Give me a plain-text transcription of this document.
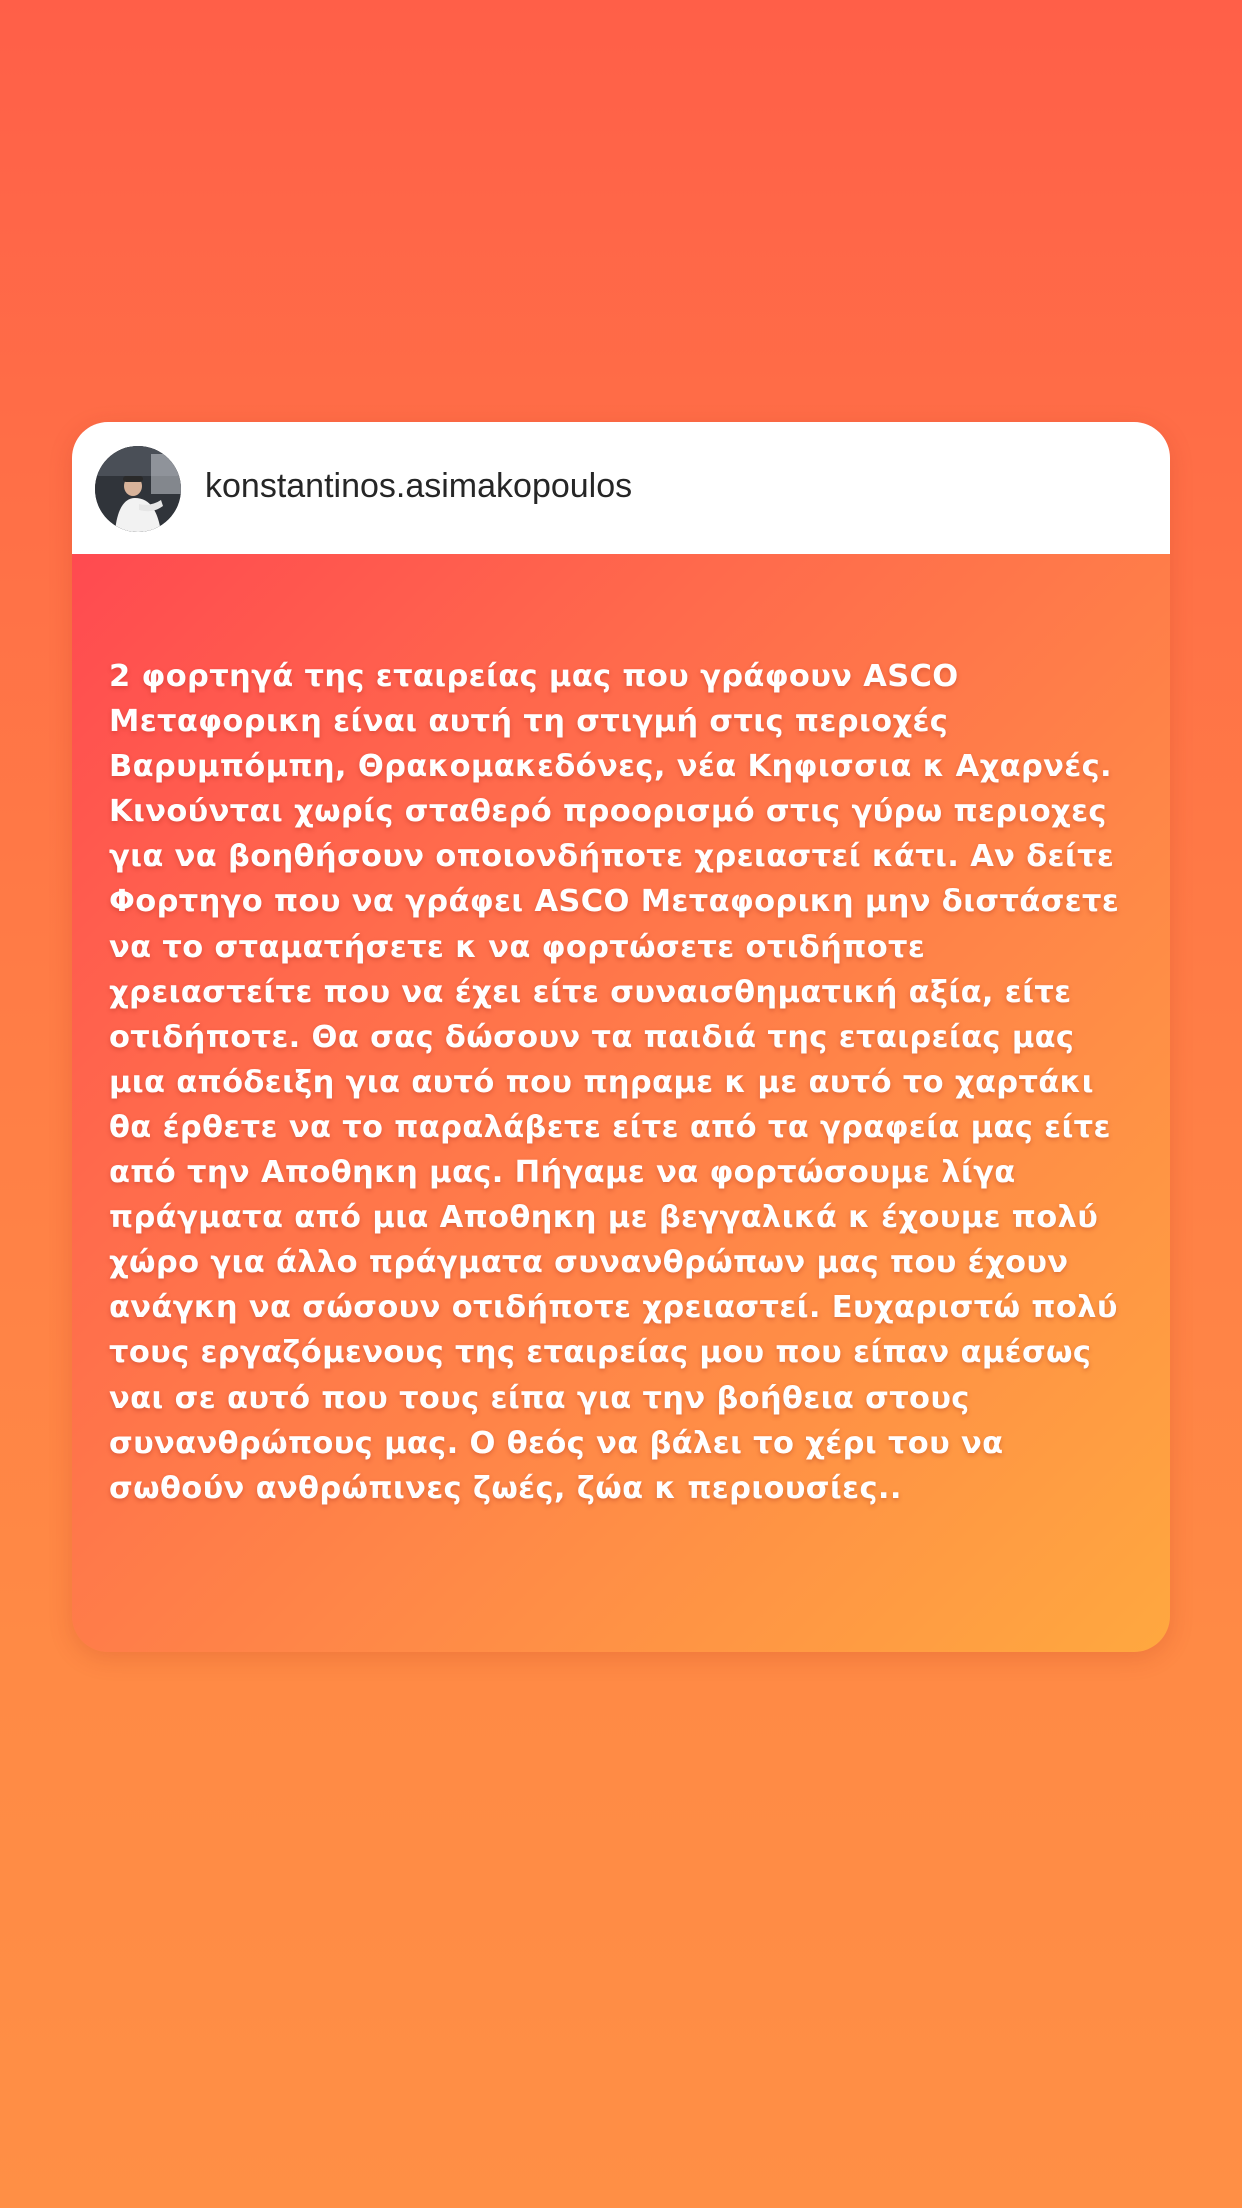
konstantinos.asimakopoulos

2 φορτηγά της εταιρείας μας που γράφουν ASCO
Μεταφορικη είναι αυτή τη στιγμή στις περιοχές
Βαρυμπόμπη, Θρακομακεδόνες, νέα Κηφισσια κ Αχαρνές.
Κινούνται χωρίς σταθερό προορισμό στις γύρω περιοχες
για να βοηθήσουν οποιονδήποτε χρειαστεί κάτι. Αν δείτε
Φορτηγο που να γράφει ASCO Μεταφορικη μην διστάσετε
να το σταματήσετε κ να φορτώσετε οτιδήποτε
χρειαστείτε που να έχει είτε συναισθηματική αξία, είτε
οτιδήποτε. Θα σας δώσουν τα παιδιά της εταιρείας μας
μια απόδειξη για αυτό που πηραμε κ με αυτό το χαρτάκι
θα έρθετε να το παραλάβετε είτε από τα γραφεία μας είτε
από την Αποθηκη μας. Πήγαμε να φορτώσουμε λίγα
πράγματα από μια Αποθηκη με βεγγαλικά κ έχουμε πολύ
χώρο για άλλο πράγματα συνανθρώπων μας που έχουν
ανάγκη να σώσουν οτιδήποτε χρειαστεί. Ευχαριστώ πολύ
τους εργαζόμενους της εταιρείας μου που είπαν αμέσως
ναι σε αυτό που τους είπα για την βοήθεια στους
συνανθρώπους μας. Ο θεός να βάλει το χέρι του να
σωθούν ανθρώπινες ζωές, ζώα κ περιουσίες..
